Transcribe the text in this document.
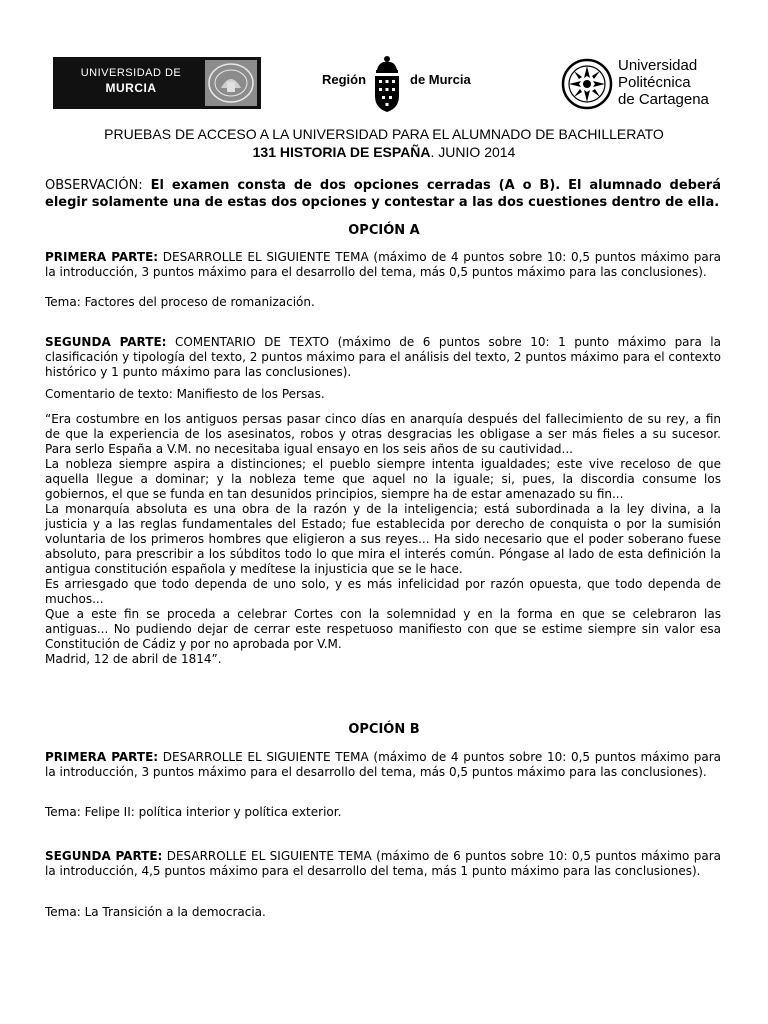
UNIVERSIDAD DE
MURCIA
Región	de Murcia
Universidad
Politécnica
de Cartagena
PRUEBAS DE ACCESO A LA UNIVERSIDAD PARA EL ALUMNADO DE BACHILLERATO
131 HISTORIA DE ESPAÑA. JUNIO 2014
OBSERVACIÓN: El examen consta de dos opciones cerradas (A o B). El alumnado deberá elegir solamente una de estas dos opciones y contestar a las dos cuestiones dentro de ella.
OPCIÓN A
PRIMERA PARTE: DESARROLLE EL SIGUIENTE TEMA (máximo de 4 puntos sobre 10: 0,5 puntos máximo para la introducción, 3 puntos máximo para el desarrollo del tema, más 0,5 puntos máximo para las conclusiones).
Tema: Factores del proceso de romanización.
SEGUNDA PARTE: COMENTARIO DE TEXTO (máximo de 6 puntos sobre 10: 1 punto máximo para la clasificación y tipología del texto, 2 puntos máximo para el análisis del texto, 2 puntos máximo para el contexto histórico y 1 punto máximo para las conclusiones).
Comentario de texto: Manifiesto de los Persas.
“Era costumbre en los antiguos persas pasar cinco días en anarquía después del fallecimiento de su rey, a fin de que la experiencia de los asesinatos, robos y otras desgracias les obligase a ser más fieles a su sucesor. Para serlo España a V.M. no necesitaba igual ensayo en los seis años de su cautividad...
La nobleza siempre aspira a distinciones; el pueblo siempre intenta igualdades; este vive receloso de que aquella llegue a dominar; y la nobleza teme que aquel no la iguale; si, pues, la discordia consume los gobiernos, el que se funda en tan desunidos principios, siempre ha de estar amenazado su fin...
La monarquía absoluta es una obra de la razón y de la inteligencia; está subordinada a la ley divina, a la justicia y a las reglas fundamentales del Estado; fue establecida por derecho de conquista o por la sumisión voluntaria de los primeros hombres que eligieron a sus reyes... Ha sido necesario que el poder soberano fuese absoluto, para prescribir a los súbditos todo lo que mira el interés común. Póngase al lado de esta definición la antigua constitución española y medítese la injusticia que se le hace.
Es arriesgado que todo dependa de uno solo, y es más infelicidad por razón opuesta, que todo dependa de muchos...
Que a este fin se proceda a celebrar Cortes con la solemnidad y en la forma en que se celebraron las antiguas... No pudiendo dejar de cerrar este respetuoso manifiesto con que se estime siempre sin valor esa Constitución de Cádiz y por no aprobada por V.M.
Madrid, 12 de abril de 1814”.
OPCIÓN B
PRIMERA PARTE: DESARROLLE EL SIGUIENTE TEMA (máximo de 4 puntos sobre 10: 0,5 puntos máximo para la introducción, 3 puntos máximo para el desarrollo del tema, más 0,5 puntos máximo para las conclusiones).
Tema: Felipe II: política interior y política exterior.
SEGUNDA PARTE: DESARROLLE EL SIGUIENTE TEMA (máximo de 6 puntos sobre 10: 0,5 puntos máximo para la introducción, 4,5 puntos máximo para el desarrollo del tema, más 1 punto máximo para las conclusiones).
Tema: La Transición a la democracia.
